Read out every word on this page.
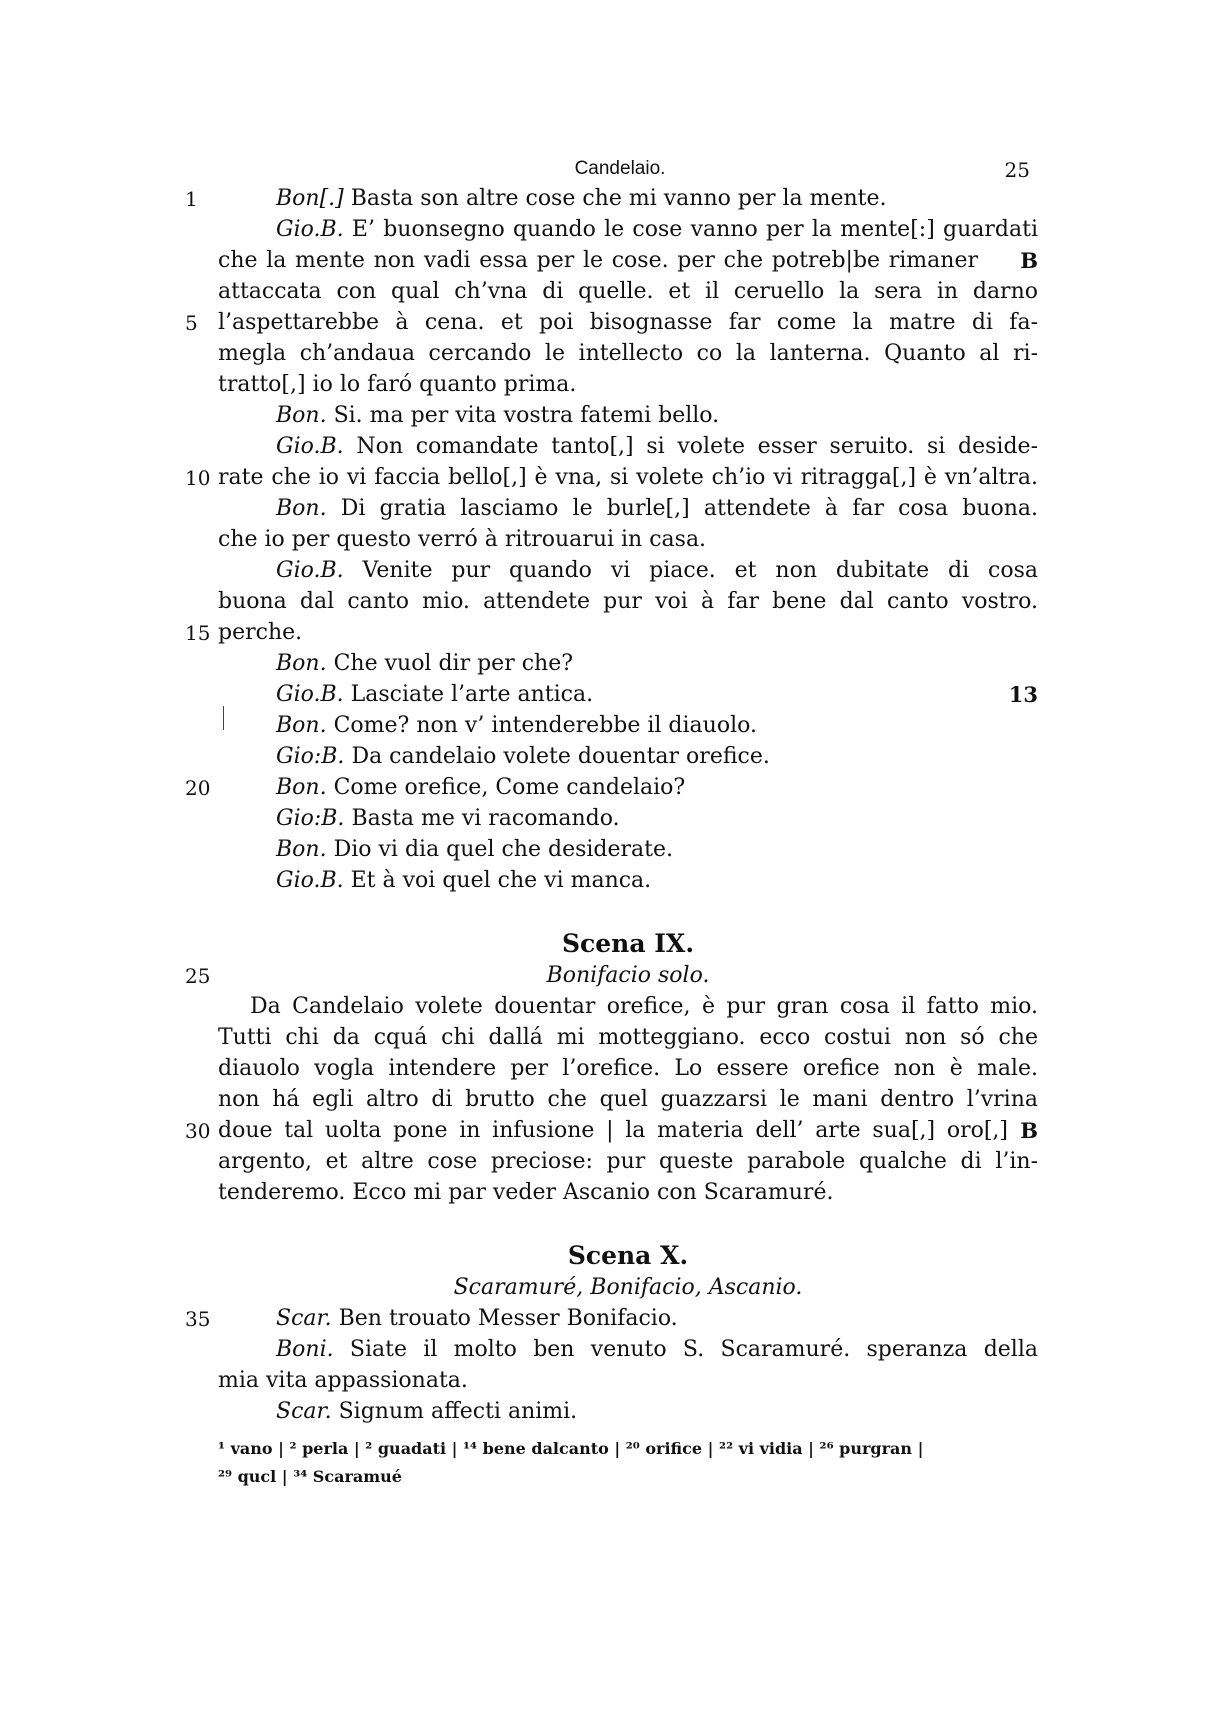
Candelaio.	25
1	Bon[.] Basta son altre cose che mi vanno per la mente.
Gio.B. E’ buonsegno quando le cose vanno per la mente[:] guardati
che la mente non vadi essa per le cose. per che potreb|be rimaner	B
attaccata con qual ch’vna di quelle. et il ceruello la sera in darno
5 l’aspettarebbe à cena. et poi bisognasse far come la matre di fa-
megla ch’andaua cercando le intellecto co la lanterna. Quanto al ri-
tratto[,] io lo faró quanto prima.
Bon. Si. ma per vita vostra fatemi bello.
Gio.B. Non comandate tanto[,] si volete esser seruito. si deside-
10 rate che io vi faccia bello[,] è vna, si volete ch’io vi ritragga[,] è vn’altra.
Bon. Di gratia lasciamo le burle[,] attendete à far cosa buona.
che io per questo verró à ritrouarui in casa.
Gio.B. Venite pur quando vi piace. et non dubitate di cosa
buona dal canto mio. attendete pur voi à far bene dal canto vostro.
15 perche.
Bon. Che vuol dir per che?
Gio.B. Lasciate l’arte antica.	13
Bon. Come? non v’ intenderebbe il diauolo.
Gio:B. Da candelaio volete douentar orefice.
20	Bon. Come orefice, Come candelaio?
Gio:B. Basta me vi racomando.
Bon. Dio vi dia quel che desiderate.
Gio.B. Et à voi quel che vi manca.
Scena IX.
25	Bonifacio solo.
Da Candelaio volete douentar orefice, è pur gran cosa il fatto mio.
Tutti chi da cquá chi dallá mi motteggiano. ecco costui non só che
diauolo vogla intendere per l’orefice. Lo essere orefice non è male.
non há egli altro di brutto che quel guazzarsi le mani dentro l’vrina
30 doue tal uolta pone in infusione | la materia dell’ arte sua[,] oro[,] B
argento, et altre cose preciose: pur queste parabole qualche di l’in-
tenderemo. Ecco mi par veder Ascanio con Scaramuré.
Scena X.
Scaramuré, Bonifacio, Ascanio.
35	Scar. Ben trouato Messer Bonifacio.
Boni. Siate il molto ben venuto S. Scaramuré. speranza della
mia vita appassionata.
Scar. Signum affecti animi.
¹ vano | ² perla | ² guadati | ¹⁴ bene dalcanto | ²⁰ orifice | ²² vi vidia | ²⁶ purgran |
²⁹ qucl | ³⁴ Scaramué
